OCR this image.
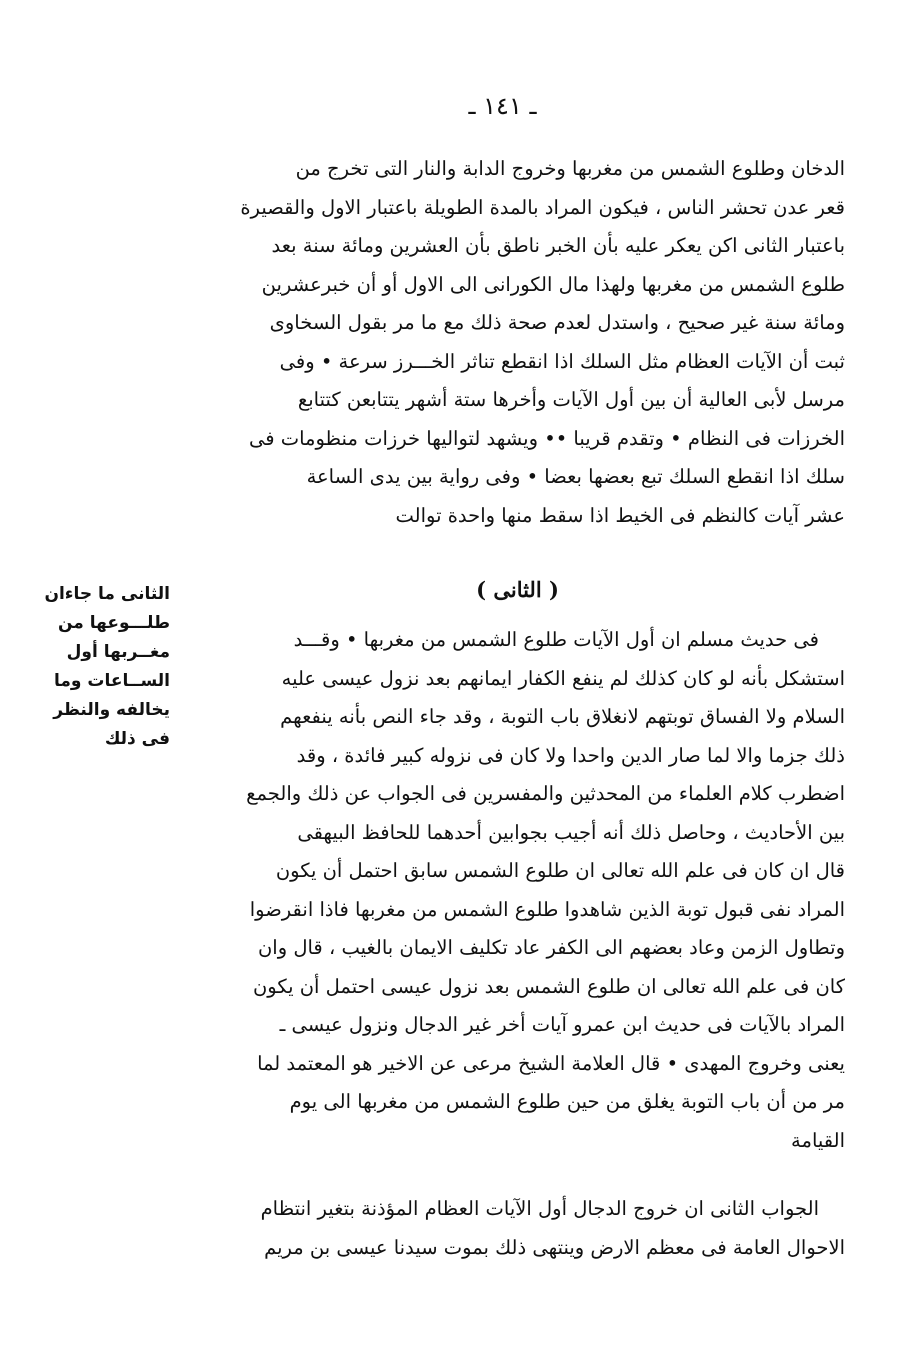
ـ ١٤١ ـ
الدخان وطلوع الشمس من مغربها وخروج الدابة والنار التى تخرج من
قعر عدن تحشر الناس ، فيكون المراد بالمدة الطويلة باعتبار الاول والقصيرة
باعتبار الثانى اكن يعكر عليه بأن الخبر ناطق بأن العشرين ومائة سنة بعد
طلوع الشمس من مغربها ولهذا مال الكورانى الى الاول أو أن خبرعشرين
ومائة سنة غير صحيح ، واستدل لعدم صحة ذلك مع ما مر بقول السخاوى
ثبت أن الآيات العظام مثل السلك اذا انقطع تناثر الخـــرز سرعة • وفى
مرسل لأبى العالية أن بين أول الآيات وأخرها ستة أشهر يتتابعن كتتابع
الخرزات فى النظام • وتقدم قريبا •• ويشهد لتواليها خرزات منظومات فى
سلك اذا انقطع السلك تبع بعضها بعضا • وفى رواية بين يدى الساعة
عشر آيات كالنظم فى الخيط اذا سقط منها واحدة توالت
( الثانى )
الثانى ما جاءان
طلـــوعها من
مغــربها أول
الســاعات وما
يخالفه والنظر
فى ذلك
فى حديث مسلم ان أول الآيات طلوع الشمس من مغربها • وقـــد
استشكل بأنه لو كان كذلك لم ينفع الكفار ايمانهم بعد نزول عيسى عليه
السلام ولا الفساق توبتهم لانغلاق باب التوبة ، وقد جاء النص بأنه ينفعهم
ذلك جزما والا لما صار الدين واحدا ولا كان فى نزوله كبير فائدة ، وقد
اضطرب كلام العلماء من المحدثين والمفسرين فى الجواب عن ذلك والجمع
بين الأحاديث ، وحاصل ذلك أنه أجيب بجوابين أحدهما للحافظ البيهقى
قال ان كان فى علم الله تعالى ان طلوع الشمس سابق احتمل أن يكون
المراد نفى قبول توبة الذين شاهدوا طلوع الشمس من مغربها فاذا انقرضوا
وتطاول الزمن وعاد بعضهم الى الكفر عاد تكليف الايمان بالغيب ، قال وان
كان فى علم الله تعالى ان طلوع الشمس بعد نزول عيسى احتمل أن يكون
المراد بالآيات فى حديث ابن عمرو آيات أخر غير الدجال ونزول عيسى ـ
يعنى وخروج المهدى • قال العلامة الشيخ مرعى عن الاخير هو المعتمد لما
مر من أن باب التوبة يغلق من حين طلوع الشمس من مغربها الى يوم
القيامة
الجواب الثانى ان خروج الدجال أول الآيات العظام المؤذنة بتغير انتظام
الاحوال العامة فى معظم الارض وينتهى ذلك بموت سيدنا عيسى بن مريم
